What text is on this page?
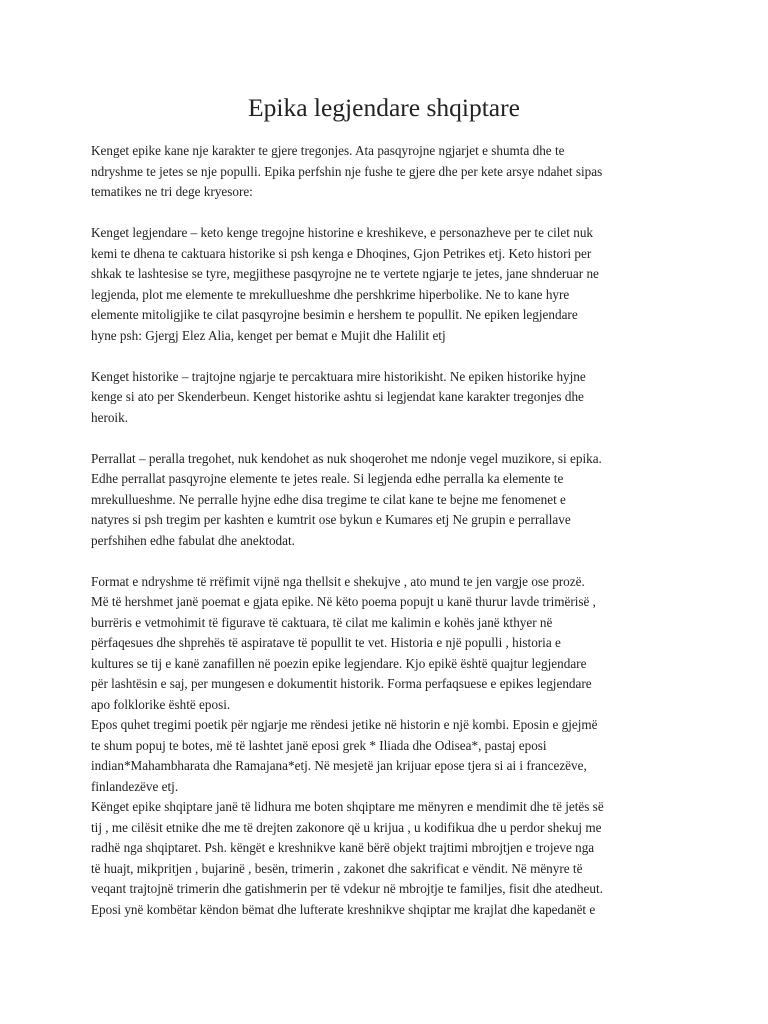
Epika legjendare shqiptare

Kenget epike kane nje karakter te gjere tregonjes. Ata pasqyrojne ngjarjet e shumta dhe te
ndryshme te jetes se nje populli. Epika perfshin nje fushe te gjere dhe per kete arsye ndahet sipas
tematikes ne tri dege kryesore:

Kenget legjendare – keto kenge tregojne historine e kreshikeve, e personazheve per te cilet nuk
kemi te dhena te caktuara historike si psh kenga e Dhoqines, Gjon Petrikes etj. Keto histori per
shkak te lashtesise se tyre, megjithese pasqyrojne ne te vertete ngjarje te jetes, jane shnderuar ne
legjenda, plot me elemente te mrekullueshme dhe pershkrime hiperbolike. Ne to kane hyre
elemente mitoligjike te cilat pasqyrojne besimin e hershem te popullit. Ne epiken legjendare
hyne psh: Gjergj Elez Alia, kenget per bemat e Mujit dhe Halilit etj

Kenget historike – trajtojne ngjarje te percaktuara mire historikisht. Ne epiken historike hyjne
kenge si ato per Skenderbeun. Kenget historike ashtu si legjendat kane karakter tregonjes dhe
heroik.

Perrallat – peralla tregohet, nuk kendohet as nuk shoqerohet me ndonje vegel muzikore, si epika.
Edhe perrallat pasqyrojne elemente te jetes reale. Si legjenda edhe perralla ka elemente te
mrekullueshme. Ne perralle hyjne edhe disa tregime te cilat kane te bejne me fenomenet e
natyres si psh tregim per kashten e kumtrit ose bykun e Kumares etj Ne grupin e perrallave
perfshihen edhe fabulat dhe anektodat.

Format e ndryshme të rrëfimit vijnë nga thellsit e shekujve , ato mund te jen vargje ose prozë.
Më të hershmet janë poemat e gjata epike. Në këto poema popujt u kanë thurur lavde trimërisë ,
burrëris e vetmohimit të figurave të caktuara, të cilat me kalimin e kohës janë kthyer në
përfaqesues dhe shprehës të aspiratave të popullit te vet. Historia e një populli , historia e
kultures se tij e kanë zanafillen në poezin epike legjendare. Kjo epikë është quajtur legjendare
për lashtësin e saj, per mungesen e dokumentit historik. Forma perfaqsuese e epikes legjendare
apo folklorike është eposi.
Epos quhet tregimi poetik për ngjarje me rëndesi jetike në historin e një kombi. Eposin e gjejmë
te shum popuj te botes, më të lashtet janë eposi grek * Iliada dhe Odisea*, pastaj eposi
indian*Mahambharata dhe Ramajana*etj. Në mesjetë jan krijuar epose tjera si ai i francezëve,
finlandezëve etj.
Kënget epike shqiptare janë të lidhura me boten shqiptare me mënyren e mendimit dhe të jetës së
tij , me cilësit etnike dhe me të drejten zakonore që u krijua , u kodifikua dhe u perdor shekuj me
radhë nga shqiptaret. Psh. këngët e kreshnikve kanë bërë objekt trajtimi mbrojtjen e trojeve nga
të huajt, mikpritjen , bujarinë , besën, trimerin , zakonet dhe sakrificat e vëndit. Në mënyre të
veqant trajtojnë trimerin dhe gatishmerin per të vdekur në mbrojtje te familjes, fisit dhe atedheut.
Eposi ynë kombëtar këndon bëmat dhe lufterate kreshnikve shqiptar me krajlat dhe kapedanët e
